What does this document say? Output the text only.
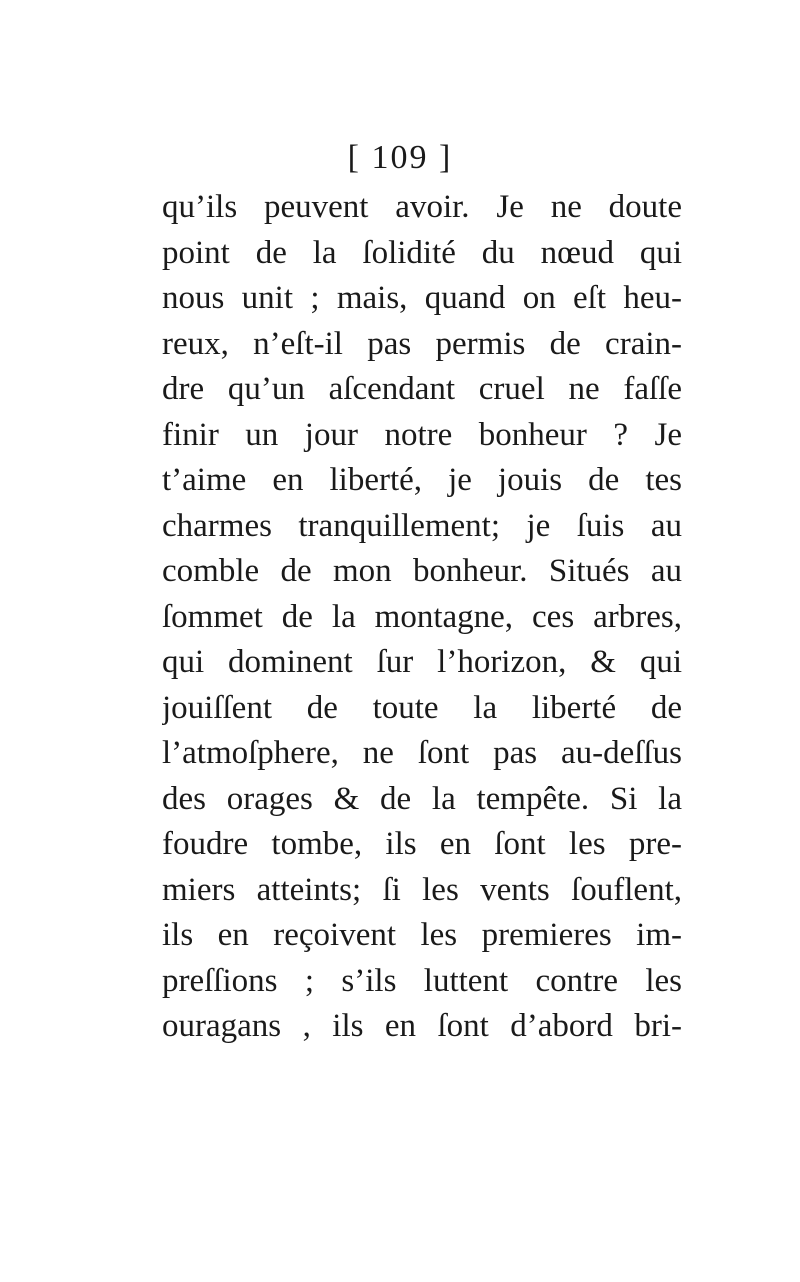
[ 109 ]
qu’ils peuvent avoir. Je ne doute
point de la ſolidité du nœud qui
nous unit ; mais, quand on eſt heu-
reux, n’eſt-il pas permis de crain-
dre qu’un aſcendant cruel ne faſſe
finir un jour notre bonheur ? Je
t’aime en liberté, je jouis de tes
charmes tranquillement; je ſuis au
comble de mon bonheur. Situés au
ſommet de la montagne, ces arbres,
qui dominent ſur l’horizon, & qui
jouiſſent de toute la liberté de
l’atmoſphere, ne ſont pas au-deſſus
des orages & de la tempête. Si la
foudre tombe, ils en ſont les pre-
miers atteints; ſi les vents ſouflent,
ils en reçoivent les premieres im-
preſſions ; s’ils luttent contre les
ouragans , ils en ſont d’abord bri-
